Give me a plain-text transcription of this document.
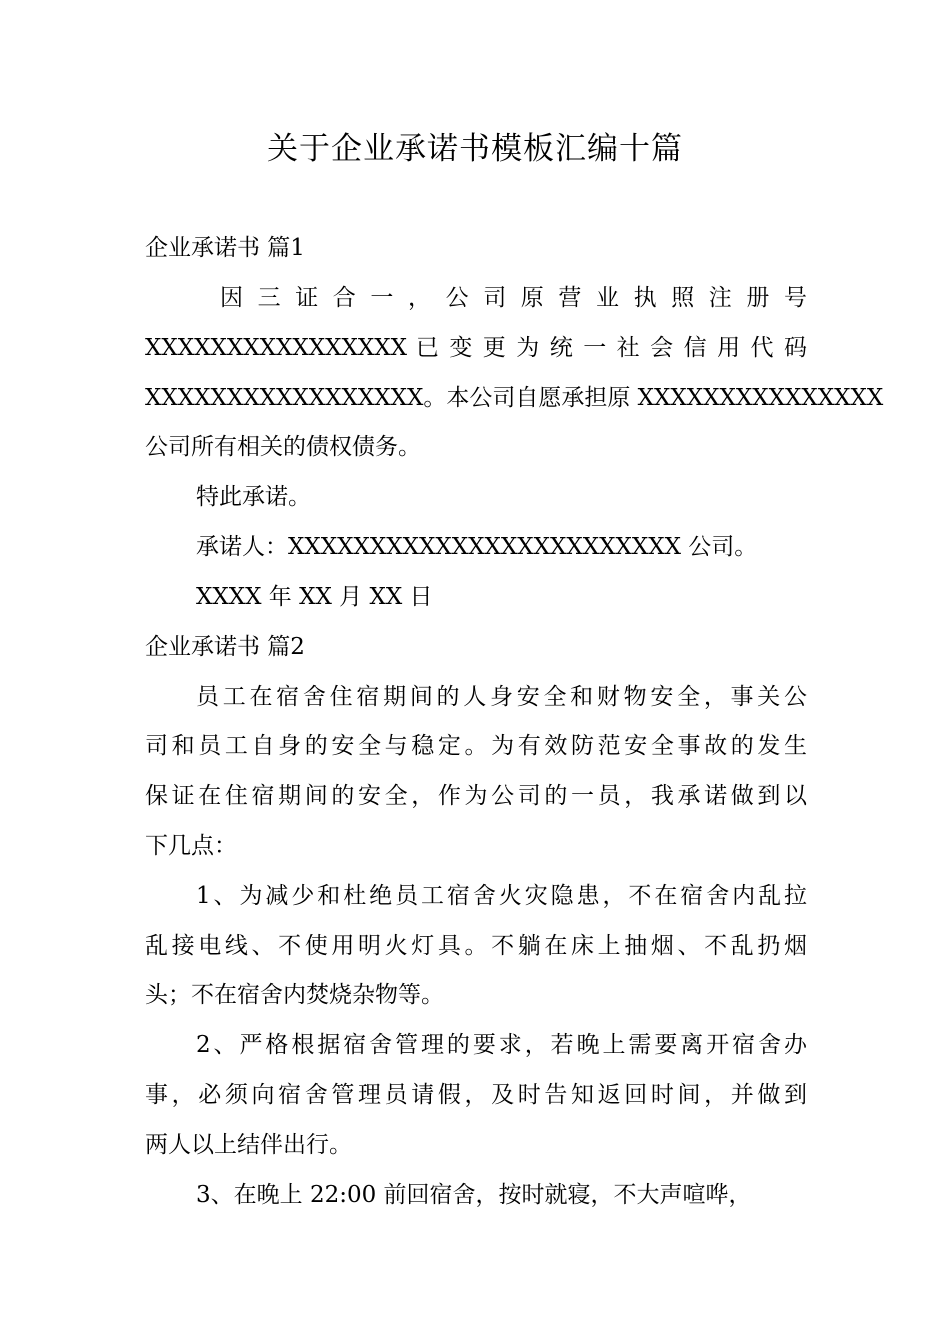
关于企业承诺书模板汇编十篇
企业承诺书 篇1
因 三 证 合 一 ， 公 司 原 营 业 执 照 注 册 号
XXXXXXXXXXXXXXXX 已 变 更 为 统 一 社 会 信 用 代 码
XXXXXXXXXXXXXXXXX。本公司自愿承担原 XXXXXXXXXXXXXXX
公司所有相关的债权债务。
特此承诺。
承诺人：XXXXXXXXXXXXXXXXXXXXXXXX 公司。
XXXX 年 XX 月 XX 日
企业承诺书 篇2
员工在宿舍住宿期间的人身安全和财物安全，事关公
司和员工自身的安全与稳定。为有效防范安全事故的发生
保证在住宿期间的安全，作为公司的一员，我承诺做到以
下几点：
1、为减少和杜绝员工宿舍火灾隐患，不在宿舍内乱拉
乱接电线、不使用明火灯具。不躺在床上抽烟、不乱扔烟
头；不在宿舍内焚烧杂物等。
2、严格根据宿舍管理的要求，若晚上需要离开宿舍办
事，必须向宿舍管理员请假，及时告知返回时间，并做到
两人以上结伴出行。
3、在晚上 22:00 前回宿舍，按时就寝，不大声喧哗，
